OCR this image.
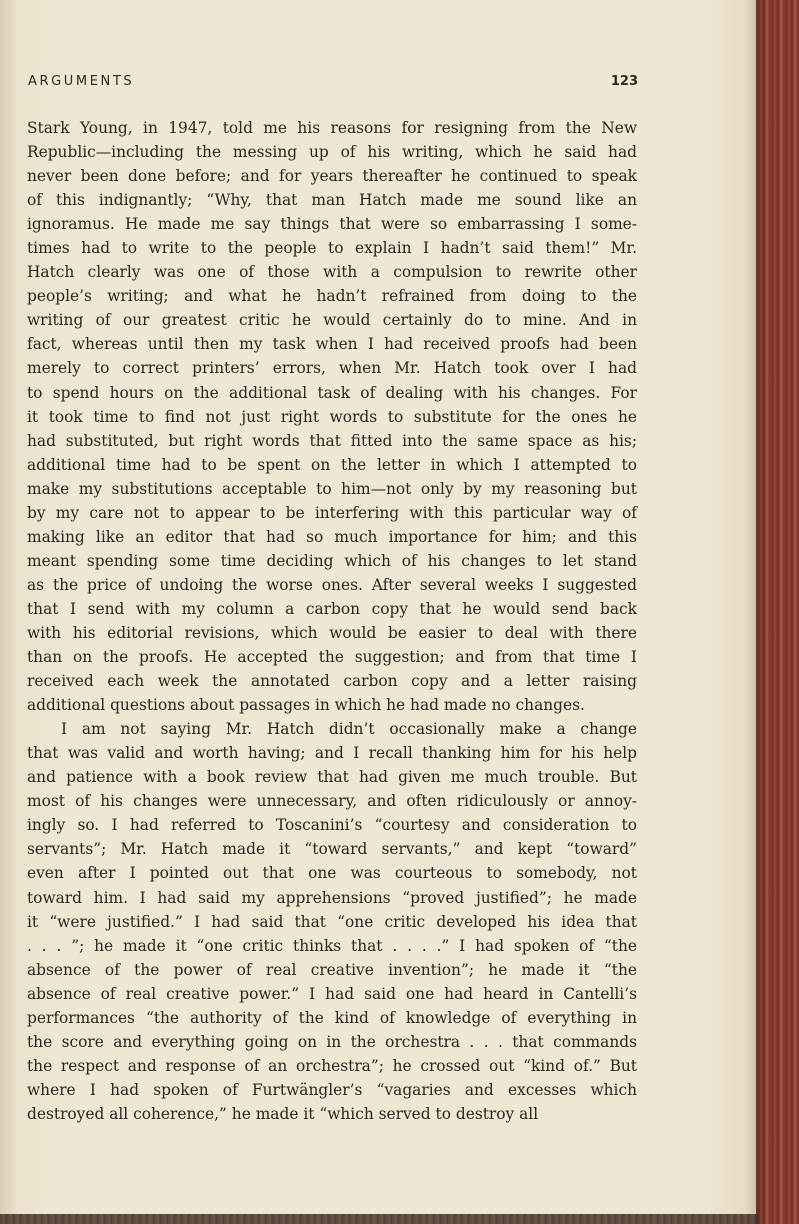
ARGUMENTS	123
Stark Young, in 1947, told me his reasons for resigning from the New
Republic—including the messing up of his writing, which he said had
never been done before; and for years thereafter he continued to speak
of this indignantly; “Why, that man Hatch made me sound like an
ignoramus. He made me say things that were so embarrassing I some-
times had to write to the people to explain I hadn’t said them!” Mr.
Hatch clearly was one of those with a compulsion to rewrite other
people’s writing; and what he hadn’t refrained from doing to the
writing of our greatest critic he would certainly do to mine. And in
fact, whereas until then my task when I had received proofs had been
merely to correct printers’ errors, when Mr. Hatch took over I had
to spend hours on the additional task of dealing with his changes. For
it took time to find not just right words to substitute for the ones he
had substituted, but right words that fitted into the same space as his;
additional time had to be spent on the letter in which I attempted to
make my substitutions acceptable to him—not only by my reasoning but
by my care not to appear to be interfering with this particular way of
making like an editor that had so much importance for him; and this
meant spending some time deciding which of his changes to let stand
as the price of undoing the worse ones. After several weeks I suggested
that I send with my column a carbon copy that he would send back
with his editorial revisions, which would be easier to deal with there
than on the proofs. He accepted the suggestion; and from that time I
received each week the annotated carbon copy and a letter raising
additional questions about passages in which he had made no changes.
I am not saying Mr. Hatch didn’t occasionally make a change
that was valid and worth having; and I recall thanking him for his help
and patience with a book review that had given me much trouble. But
most of his changes were unnecessary, and often ridiculously or annoy-
ingly so. I had referred to Toscanini’s “courtesy and consideration to
servants”; Mr. Hatch made it “toward servants,” and kept “toward”
even after I pointed out that one was courteous to somebody, not
toward him. I had said my apprehensions “proved justified”; he made
it “were justified.” I had said that “one critic developed his idea that
. . . ”; he made it “one critic thinks that . . . .” I had spoken of “the
absence of the power of real creative invention”; he made it “the
absence of real creative power.” I had said one had heard in Cantelli’s
performances “the authority of the kind of knowledge of everything in
the score and everything going on in the orchestra . . . that commands
the respect and response of an orchestra”; he crossed out “kind of.” But
where I had spoken of Furtwängler’s “vagaries and excesses which
destroyed all coherence,” he made it “which served to destroy all
